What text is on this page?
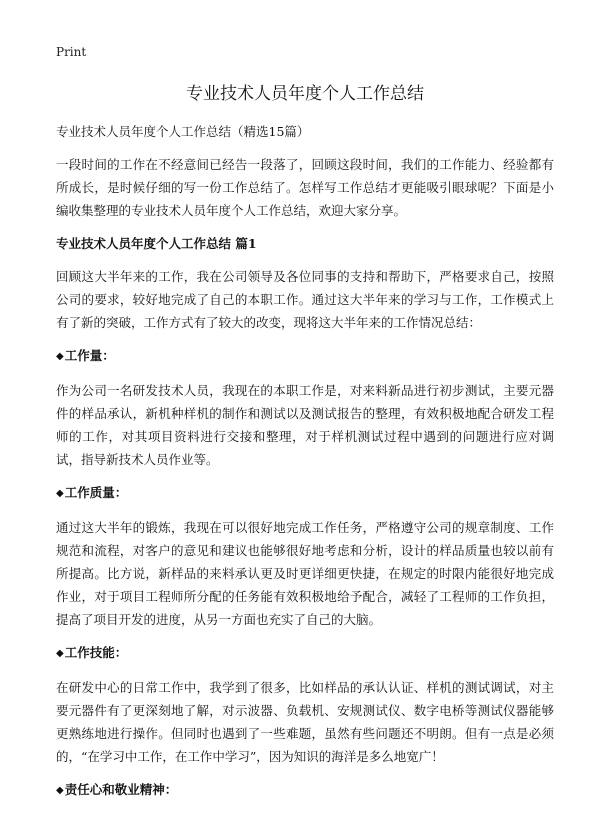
Print
专业技术人员年度个人工作总结

专业技术人员年度个人工作总结（精选15篇）

一段时间的工作在不经意间已经告一段落了，回顾这段时间，我们的工作能力、经验都有所成长，是时候仔细的写一份工作总结了。怎样写工作总结才更能吸引眼球呢？下面是小编收集整理的专业技术人员年度个人工作总结，欢迎大家分享。

专业技术人员年度个人工作总结 篇1

回顾这大半年来的工作，我在公司领导及各位同事的支持和帮助下，严格要求自己，按照公司的要求，较好地完成了自己的本职工作。通过这大半年来的学习与工作，工作模式上有了新的突破，工作方式有了较大的改变，现将这大半年来的工作情况总结：

◆工作量：

作为公司一名研发技术人员，我现在的本职工作是，对来料新品进行初步测试，主要元器件的样品承认，新机种样机的制作和测试以及测试报告的整理，有效积极地配合研发工程师的工作，对其项目资料进行交接和整理，对于样机测试过程中遇到的问题进行应对调试，指导新技术人员作业等。

◆工作质量：

通过这大半年的锻炼，我现在可以很好地完成工作任务，严格遵守公司的规章制度、工作规范和流程，对客户的意见和建议也能够很好地考虑和分析，设计的样品质量也较以前有所提高。比方说，新样品的来料承认更及时更详细更快捷，在规定的时限内能很好地完成作业，对于项目工程师所分配的任务能有效积极地给予配合，减轻了工程师的工作负担，提高了项目开发的进度，从另一方面也充实了自己的大脑。

◆工作技能：

在研发中心的日常工作中，我学到了很多，比如样品的承认认证、样机的测试调试，对主要元器件有了更深刻地了解，对示波器、负载机、安规测试仪、数字电桥等测试仪器能够更熟练地进行操作。但同时也遇到了一些难题，虽然有些问题还不明朗。但有一点是必须的，“在学习中工作，在工作中学习”，因为知识的海洋是多么地宽广！

◆责任心和敬业精神：
